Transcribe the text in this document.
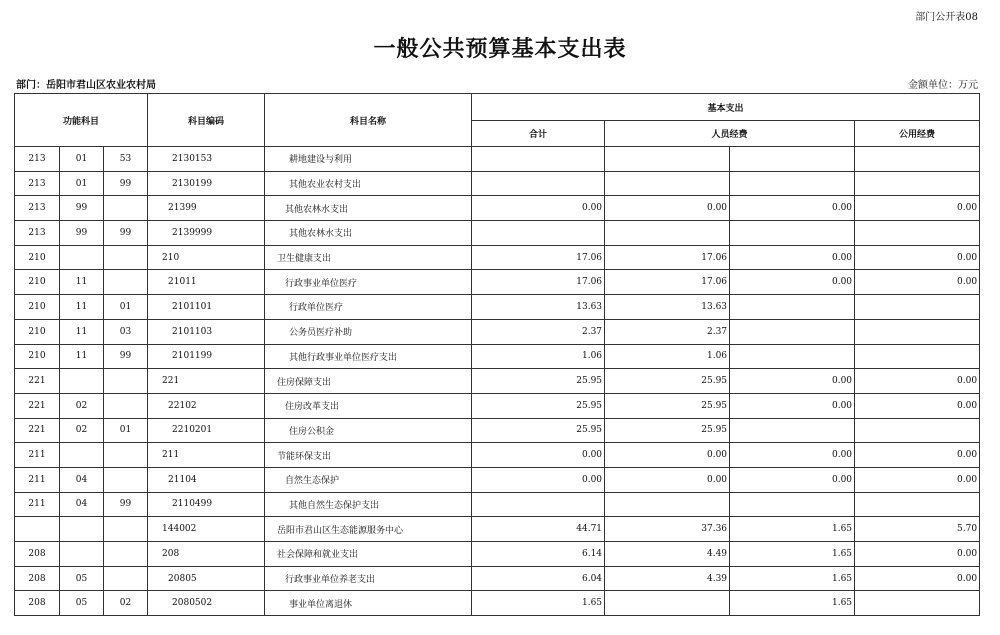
部门公开表08
一般公共预算基本支出表
部门：岳阳市君山区农业农村局	金额单位：万元
功能科目			科目编码	科目名称	基本支出			
					合计	人员经费		公用经费
213	01	53	2130153	耕地建设与利用				
213	01	99	2130199	其他农业农村支出				
213	99		21399	其他农林水支出	0.00	0.00	0.00	0.00
213	99	99	2139999	其他农林水支出				
210			210	卫生健康支出	17.06	17.06	0.00	0.00
210	11		21011	行政事业单位医疗	17.06	17.06	0.00	0.00
210	11	01	2101101	行政单位医疗	13.63	13.63		
210	11	03	2101103	公务员医疗补助	2.37	2.37		
210	11	99	2101199	其他行政事业单位医疗支出	1.06	1.06		
221			221	住房保障支出	25.95	25.95	0.00	0.00
221	02		22102	住房改革支出	25.95	25.95	0.00	0.00
221	02	01	2210201	住房公积金	25.95	25.95		
211			211	节能环保支出	0.00	0.00	0.00	0.00
211	04		21104	自然生态保护	0.00	0.00	0.00	0.00
211	04	99	2110499	其他自然生态保护支出				
			144002	岳阳市君山区生态能源服务中心	44.71	37.36	1.65	5.70
208			208	社会保障和就业支出	6.14	4.49	1.65	0.00
208	05		20805	行政事业单位养老支出	6.04	4.39	1.65	0.00
208	05	02	2080502	事业单位离退休	1.65		1.65	
